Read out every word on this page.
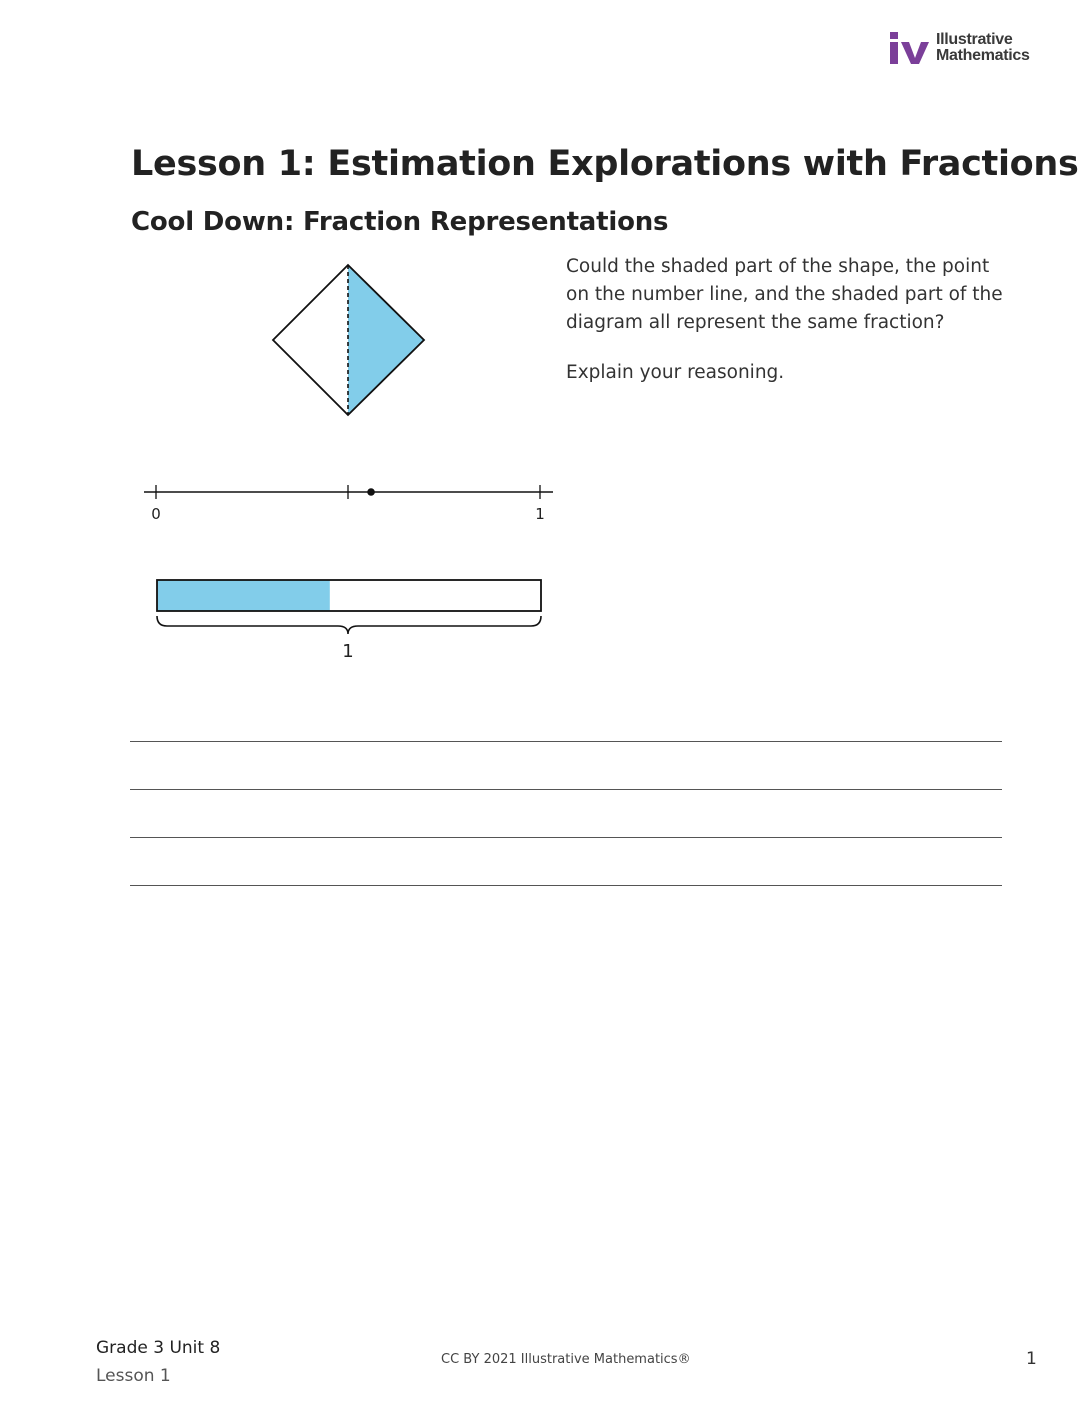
Illustrative
Mathematics
Lesson 1: Estimation Explorations with Fractions
Cool Down: Fraction Representations

Could the shaded part of the shape, the point on the number line, and the shaded part of the diagram all represent the same fraction?

Explain your reasoning.

0	1
1
Grade 3 Unit 8
Lesson 1
CC BY 2021 Illustrative Mathematics®	1
